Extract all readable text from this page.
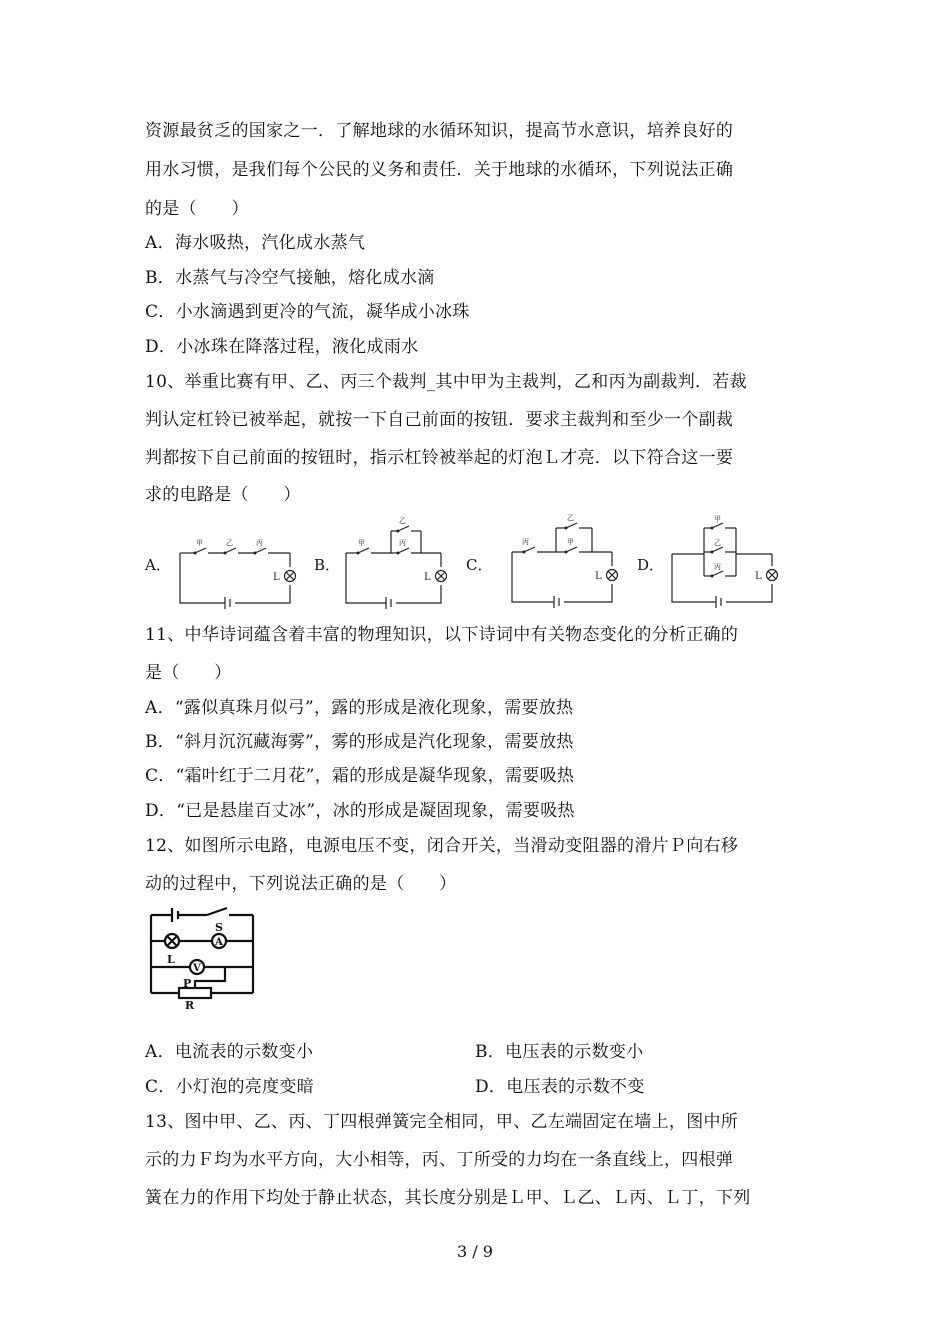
资源最贫乏的国家之一．了解地球的水循环知识，提高节水意识，培养良好的
用水习惯，是我们每个公民的义务和责任．关于地球的水循环，下列说法正确
的是（　　）
A．海水吸热，汽化成水蒸气
B．水蒸气与冷空气接触，熔化成水滴
C．小水滴遇到更冷的气流，凝华成小冰珠
D．小冰珠在降落过程，液化成雨水
10、举重比赛有甲、乙、丙三个裁判_其中甲为主裁判，乙和丙为副裁判．若裁
判认定杠铃已被举起，就按一下自己前面的按钮．要求主裁判和至少一个副裁
判都按下自己前面的按钮时，指示杠铃被举起的灯泡Ｌ才亮．以下符合这一要
求的电路是（　　）
A．	B．	C．	D．
甲	乙	丙
L
甲
乙
丙
L
丙
乙
甲
L
甲
乙
丙
L
11、中华诗词蕴含着丰富的物理知识，以下诗词中有关物态变化的分析正确的
是（　　）
A．“露似真珠月似弓”，露的形成是液化现象，需要放热
B．“斜月沉沉藏海雾”，雾的形成是汽化现象，需要放热
C．“霜叶红于二月花”，霜的形成是凝华现象，需要吸热
D．“已是悬崖百丈冰”，冰的形成是凝固现象，需要吸热
12、如图所示电路，电源电压不变，闭合开关，当滑动变阻器的滑片Ｐ向右移
动的过程中，下列说法正确的是（　　）
S
A
V
L
P
R
A．电流表的示数变小	B．电压表的示数变小
C．小灯泡的亮度变暗	D．电压表的示数不变
13、图中甲、乙、丙、丁四根弹簧完全相同，甲、乙左端固定在墙上，图中所
示的力Ｆ均为水平方向，大小相等，丙、丁所受的力均在一条直线上，四根弹
簧在力的作用下均处于静止状态，其长度分别是Ｌ甲、Ｌ乙、Ｌ丙、Ｌ丁，下列
3 / 9
